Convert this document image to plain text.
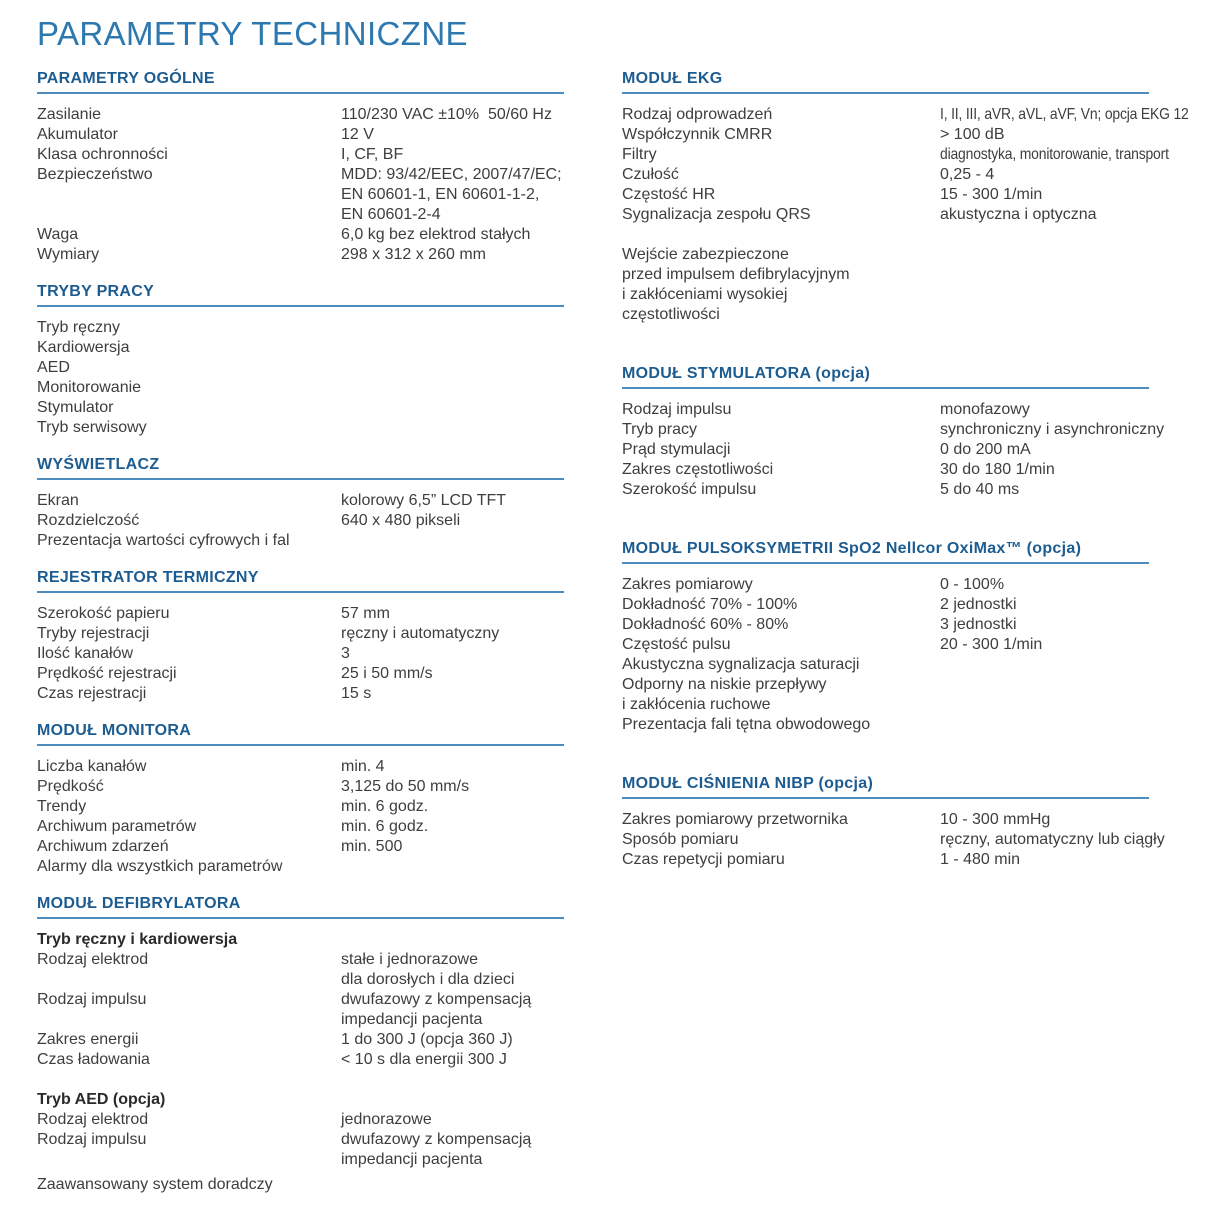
PARAMETRY TECHNICZNE
PARAMETRY OGÓLNE
Zasilanie	110/230 VAC ±10%  50/60 Hz
Akumulator	12 V
Klasa ochronności	I, CF, BF
Bezpieczeństwo	MDD: 93/42/EEC, 2007/47/EC;
EN 60601-1, EN 60601-1-2,
EN 60601-2-4
Waga	6,0 kg bez elektrod stałych
Wymiary	298 x 312 x 260 mm
TRYBY PRACY
Tryb ręczny
Kardiowersja
AED
Monitorowanie
Stymulator
Tryb serwisowy
WYŚWIETLACZ
Ekran	kolorowy 6,5” LCD TFT
Rozdzielczość	640 x 480 pikseli
Prezentacja wartości cyfrowych i fal
REJESTRATOR TERMICZNY
Szerokość papieru	57 mm
Tryby rejestracji	ręczny i automatyczny
Ilość kanałów	3
Prędkość rejestracji	25 i 50 mm/s
Czas rejestracji	15 s
MODUŁ MONITORA
Liczba kanałów	min. 4
Prędkość	3,125 do 50 mm/s
Trendy	min. 6 godz.
Archiwum parametrów	min. 6 godz.
Archiwum zdarzeń	min. 500
Alarmy dla wszystkich parametrów
MODUŁ DEFIBRYLATORA
Tryb ręczny i kardiowersja
Rodzaj elektrod	stałe i jednorazowe
dla dorosłych i dla dzieci
Rodzaj impulsu	dwufazowy z kompensacją
impedancji pacjenta
Zakres energii	1 do 300 J (opcja 360 J)
Czas ładowania	< 10 s dla energii 300 J
Tryb AED (opcja)
Rodzaj elektrod	jednorazowe
Rodzaj impulsu	dwufazowy z kompensacją
impedancji pacjenta
Zaawansowany system doradczy
MODUŁ EKG
Rodzaj odprowadzeń	I, II, III, aVR, aVL, aVF, Vn; opcja EKG 12
Współczynnik CMRR	> 100 dB
Filtry	diagnostyka, monitorowanie, transport
Czułość	0,25 - 4
Częstość HR	15 - 300 1/min
Sygnalizacja zespołu QRS	akustyczna i optyczna
Wejście zabezpieczone
przed impulsem defibrylacyjnym
i zakłóceniami wysokiej
częstotliwości
MODUŁ STYMULATORA (opcja)
Rodzaj impulsu	monofazowy
Tryb pracy	synchroniczny i asynchroniczny
Prąd stymulacji	0 do 200 mA
Zakres częstotliwości	30 do 180 1/min
Szerokość impulsu	5 do 40 ms
MODUŁ PULSOKSYMETRII SpO2 Nellcor OxiMax™ (opcja)
Zakres pomiarowy	0 - 100%
Dokładność 70% - 100%	2 jednostki
Dokładność 60% - 80%	3 jednostki
Częstość pulsu	20 - 300 1/min
Akustyczna sygnalizacja saturacji
Odporny na niskie przepływy
i zakłócenia ruchowe
Prezentacja fali tętna obwodowego
MODUŁ CIŚNIENIA NIBP (opcja)
Zakres pomiarowy przetwornika	10 - 300 mmHg
Sposób pomiaru	ręczny, automatyczny lub ciągły
Czas repetycji pomiaru	1 - 480 min
